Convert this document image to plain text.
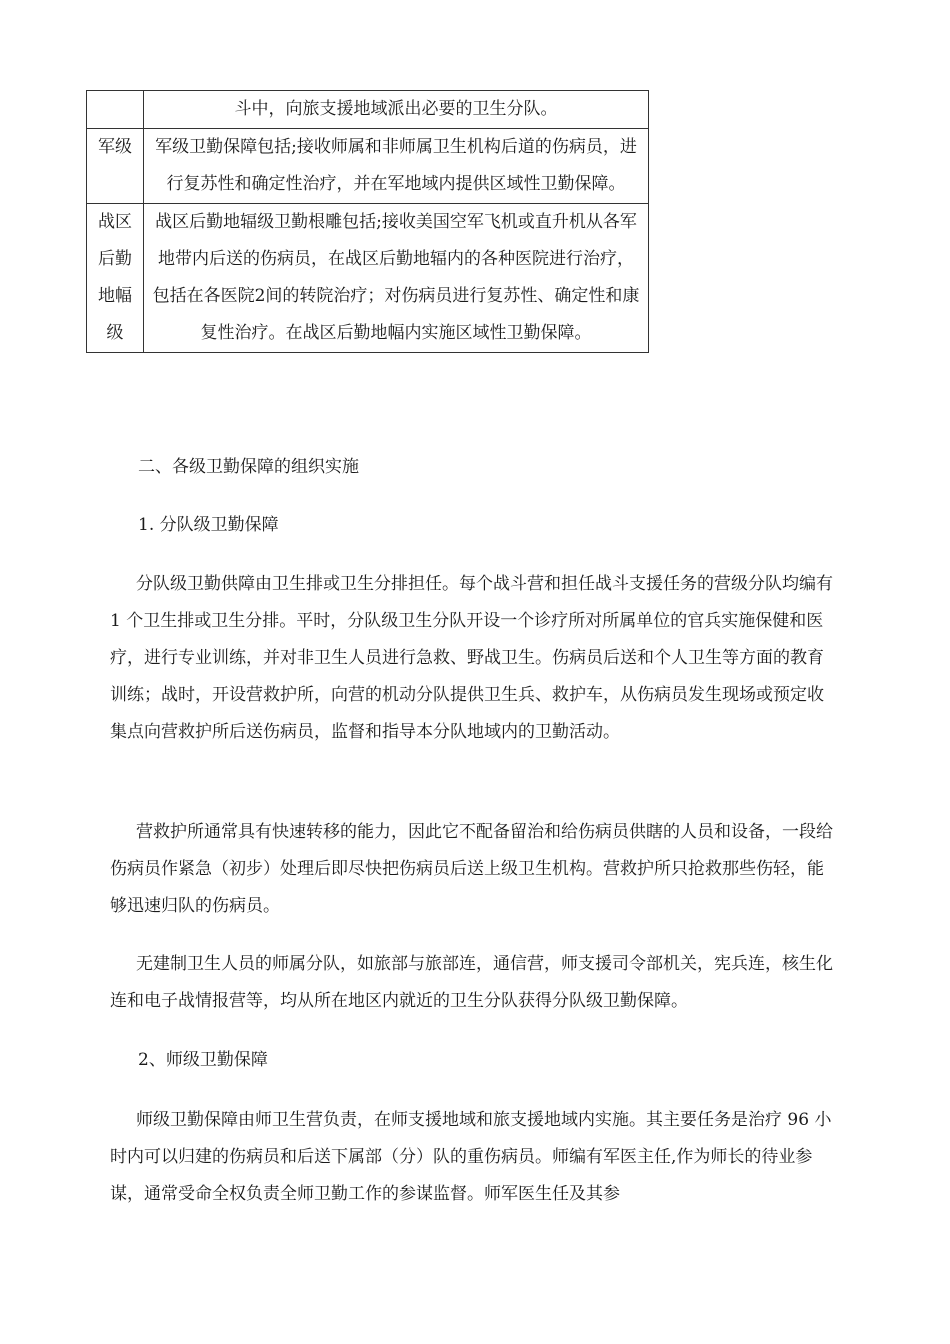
	斗中，向旅支援地域派出必要的卫生分队。

军级	军级卫勤保障包括;接收师属和非师属卫生机构后道的伤病员，进行复苏性和确定性治疗，并在军地域内提供区域性卫勤保障。

战区后勤地幅级	战区后勤地辐级卫勤根雕包括;接收美国空军飞机或直升机从各军地带内后送的伤病员，在战区后勤地辐内的各种医院进行治疗，包括在各医院2间的转院治疗；对伤病员进行复苏性、确定性和康复性治疗。在战区后勤地幅内实施区域性卫勤保障。

二、各级卫勤保障的组织实施

1. 分队级卫勤保障

分队级卫勤供障由卫生排或卫生分排担任。每个战斗营和担任战斗支援任务的营级分队均编有 1 个卫生排或卫生分排。平时，分队级卫生分队开设一个诊疗所对所属单位的官兵实施保健和医疗，进行专业训练，并对非卫生人员进行急救、野战卫生。伤病员后送和个人卫生等方面的教育训练；战时，开设营救护所，向营的机动分队提供卫生兵、救护车，从伤病员发生现场或预定收集点向营救护所后送伤病员，监督和指导本分队地域内的卫勤活动。

营救护所通常具有快速转移的能力，因此它不配备留治和给伤病员供瞎的人员和设备，一段给伤病员作紧急（初步）处理后即尽快把伤病员后送上级卫生机构。营救护所只抢救那些伤轻，能够迅速归队的伤病员。

无建制卫生人员的师属分队，如旅部与旅部连，通信营，师支援司令部机关，宪兵连，核生化连和电子战情报营等，均从所在地区内就近的卫生分队获得分队级卫勤保障。

2、师级卫勤保障

师级卫勤保障由师卫生营负责，在师支援地域和旅支援地域内实施。其主要任务是治疗 96 小时内可以归建的伤病员和后送下属部（分）队的重伤病员。师编有军医主任,作为师长的待业参谋，通常受命全权负责全师卫勤工作的参谋监督。师军医生任及其参
